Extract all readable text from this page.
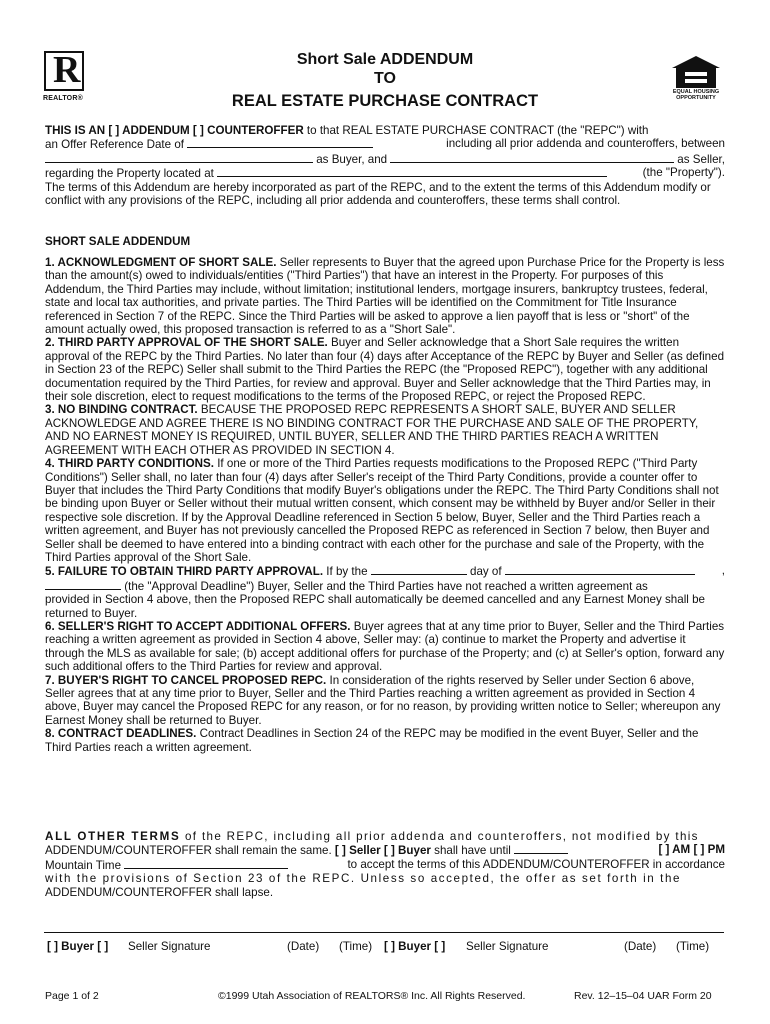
R
REALTOR®
EQUAL HOUSING
OPPORTUNITY
Short Sale ADDENDUM
TO
REAL ESTATE PURCHASE CONTRACT
THIS IS AN [ ] ADDENDUM [ ] COUNTEROFFER to that REAL ESTATE PURCHASE CONTRACT (the "REPC") with
an Offer Reference Date of	including all prior addenda and counteroffers, between
as Buyer, and	as Seller,
regarding the Property located at	(the "Property").

The terms of this Addendum are hereby incorporated as part of the REPC, and to the extent the terms of this Addendum modify or conflict with any provisions of the REPC, including all prior addenda and counteroffers, these terms shall control.

SHORT SALE ADDENDUM

1. ACKNOWLEDGMENT OF SHORT SALE. Seller represents to Buyer that the agreed upon Purchase Price for the Property is less than the amount(s) owed to individuals/entities ("Third Parties") that have an interest in the Property. For purposes of this Addendum, the Third Parties may include, without limitation; institutional lenders, mortgage insurers, bankruptcy trustees, federal, state and local tax authorities, and private parties. The Third Parties will be identified on the Commitment for Title Insurance referenced in Section 7 of the REPC. Since the Third Parties will be asked to approve a lien payoff that is less or "short" of the amount actually owed, this proposed transaction is referred to as a "Short Sale".

2. THIRD PARTY APPROVAL OF THE SHORT SALE. Buyer and Seller acknowledge that a Short Sale requires the written approval of the REPC by the Third Parties. No later than four (4) days after Acceptance of the REPC by Buyer and Seller (as defined in Section 23 of the REPC) Seller shall submit to the Third Parties the REPC (the "Proposed REPC"), together with any additional documentation required by the Third Parties, for review and approval. Buyer and Seller acknowledge that the Third Parties may, in their sole discretion, elect to request modifications to the terms of the Proposed REPC, or reject the Proposed REPC.

3. NO BINDING CONTRACT. BECAUSE THE PROPOSED REPC REPRESENTS A SHORT SALE, BUYER AND SELLER ACKNOWLEDGE AND AGREE THERE IS NO BINDING CONTRACT FOR THE PURCHASE AND SALE OF THE PROPERTY, AND NO EARNEST MONEY IS REQUIRED, UNTIL BUYER, SELLER AND THE THIRD PARTIES REACH A WRITTEN AGREEMENT WITH EACH OTHER AS PROVIDED IN SECTION 4.

4. THIRD PARTY CONDITIONS. If one or more of the Third Parties requests modifications to the Proposed REPC ("Third Party Conditions") Seller shall, no later than four (4) days after Seller's receipt of the Third Party Conditions, provide a counter offer to Buyer that includes the Third Party Conditions that modify Buyer's obligations under the REPC. The Third Party Conditions shall not be binding upon Buyer or Seller without their mutual written consent, which consent may be withheld by Buyer and/or Seller in their respective sole discretion. If by the Approval Deadline referenced in Section 5 below, Buyer, Seller and the Third Parties reach a written agreement, and Buyer has not previously cancelled the Proposed REPC as referenced in Section 7 below, then Buyer and Seller shall be deemed to have entered into a binding contract with each other for the purchase and sale of the Property, with the Third Parties approval of the Short Sale.

5. FAILURE TO OBTAIN THIRD PARTY APPROVAL. If by the	day of	,
(the "Approval Deadline") Buyer, Seller and the Third Parties have not reached a written agreement as

provided in Section 4 above, then the Proposed REPC shall automatically be deemed cancelled and any Earnest Money shall be returned to Buyer.

6. SELLER'S RIGHT TO ACCEPT ADDITIONAL OFFERS. Buyer agrees that at any time prior to Buyer, Seller and the Third Parties reaching a written agreement as provided in Section 4 above, Seller may: (a) continue to market the Property and advertise it through the MLS as available for sale; (b) accept additional offers for purchase of the Property; and (c) at Seller's option, forward any such additional offers to the Third Parties for review and approval.

7. BUYER'S RIGHT TO CANCEL PROPOSED REPC. In consideration of the rights reserved by Seller under Section 6 above, Seller agrees that at any time prior to Buyer, Seller and the Third Parties reaching a written agreement as provided in Section 4 above, Buyer may cancel the Proposed REPC for any reason, or for no reason, by providing written notice to Seller; whereupon any Earnest Money shall be returned to Buyer.

8. CONTRACT DEADLINES. Contract Deadlines in Section 24 of the REPC may be modified in the event Buyer, Seller and the Third Parties reach a written agreement.

ALL OTHER TERMS of the REPC, including all prior addenda and counteroffers, not modified by this
ADDENDUM/COUNTEROFFER shall remain the same. [ ] Seller [ ] Buyer shall have until	[ ] AM [ ] PM
Mountain Time	to accept the terms of this ADDENDUM/COUNTEROFFER in accordance
with the provisions of Section 23 of the REPC. Unless so accepted, the offer as set forth in the
ADDENDUM/COUNTEROFFER shall lapse.
[ ] Buyer [ ] Seller Signature	(Date) (Time) [ ] Buyer [ ] Seller Signature	(Date) (Time)
Page 1 of 2	©1999 Utah Association of REALTORS® Inc. All Rights Reserved.	Rev. 12–15–04 UAR Form 20
